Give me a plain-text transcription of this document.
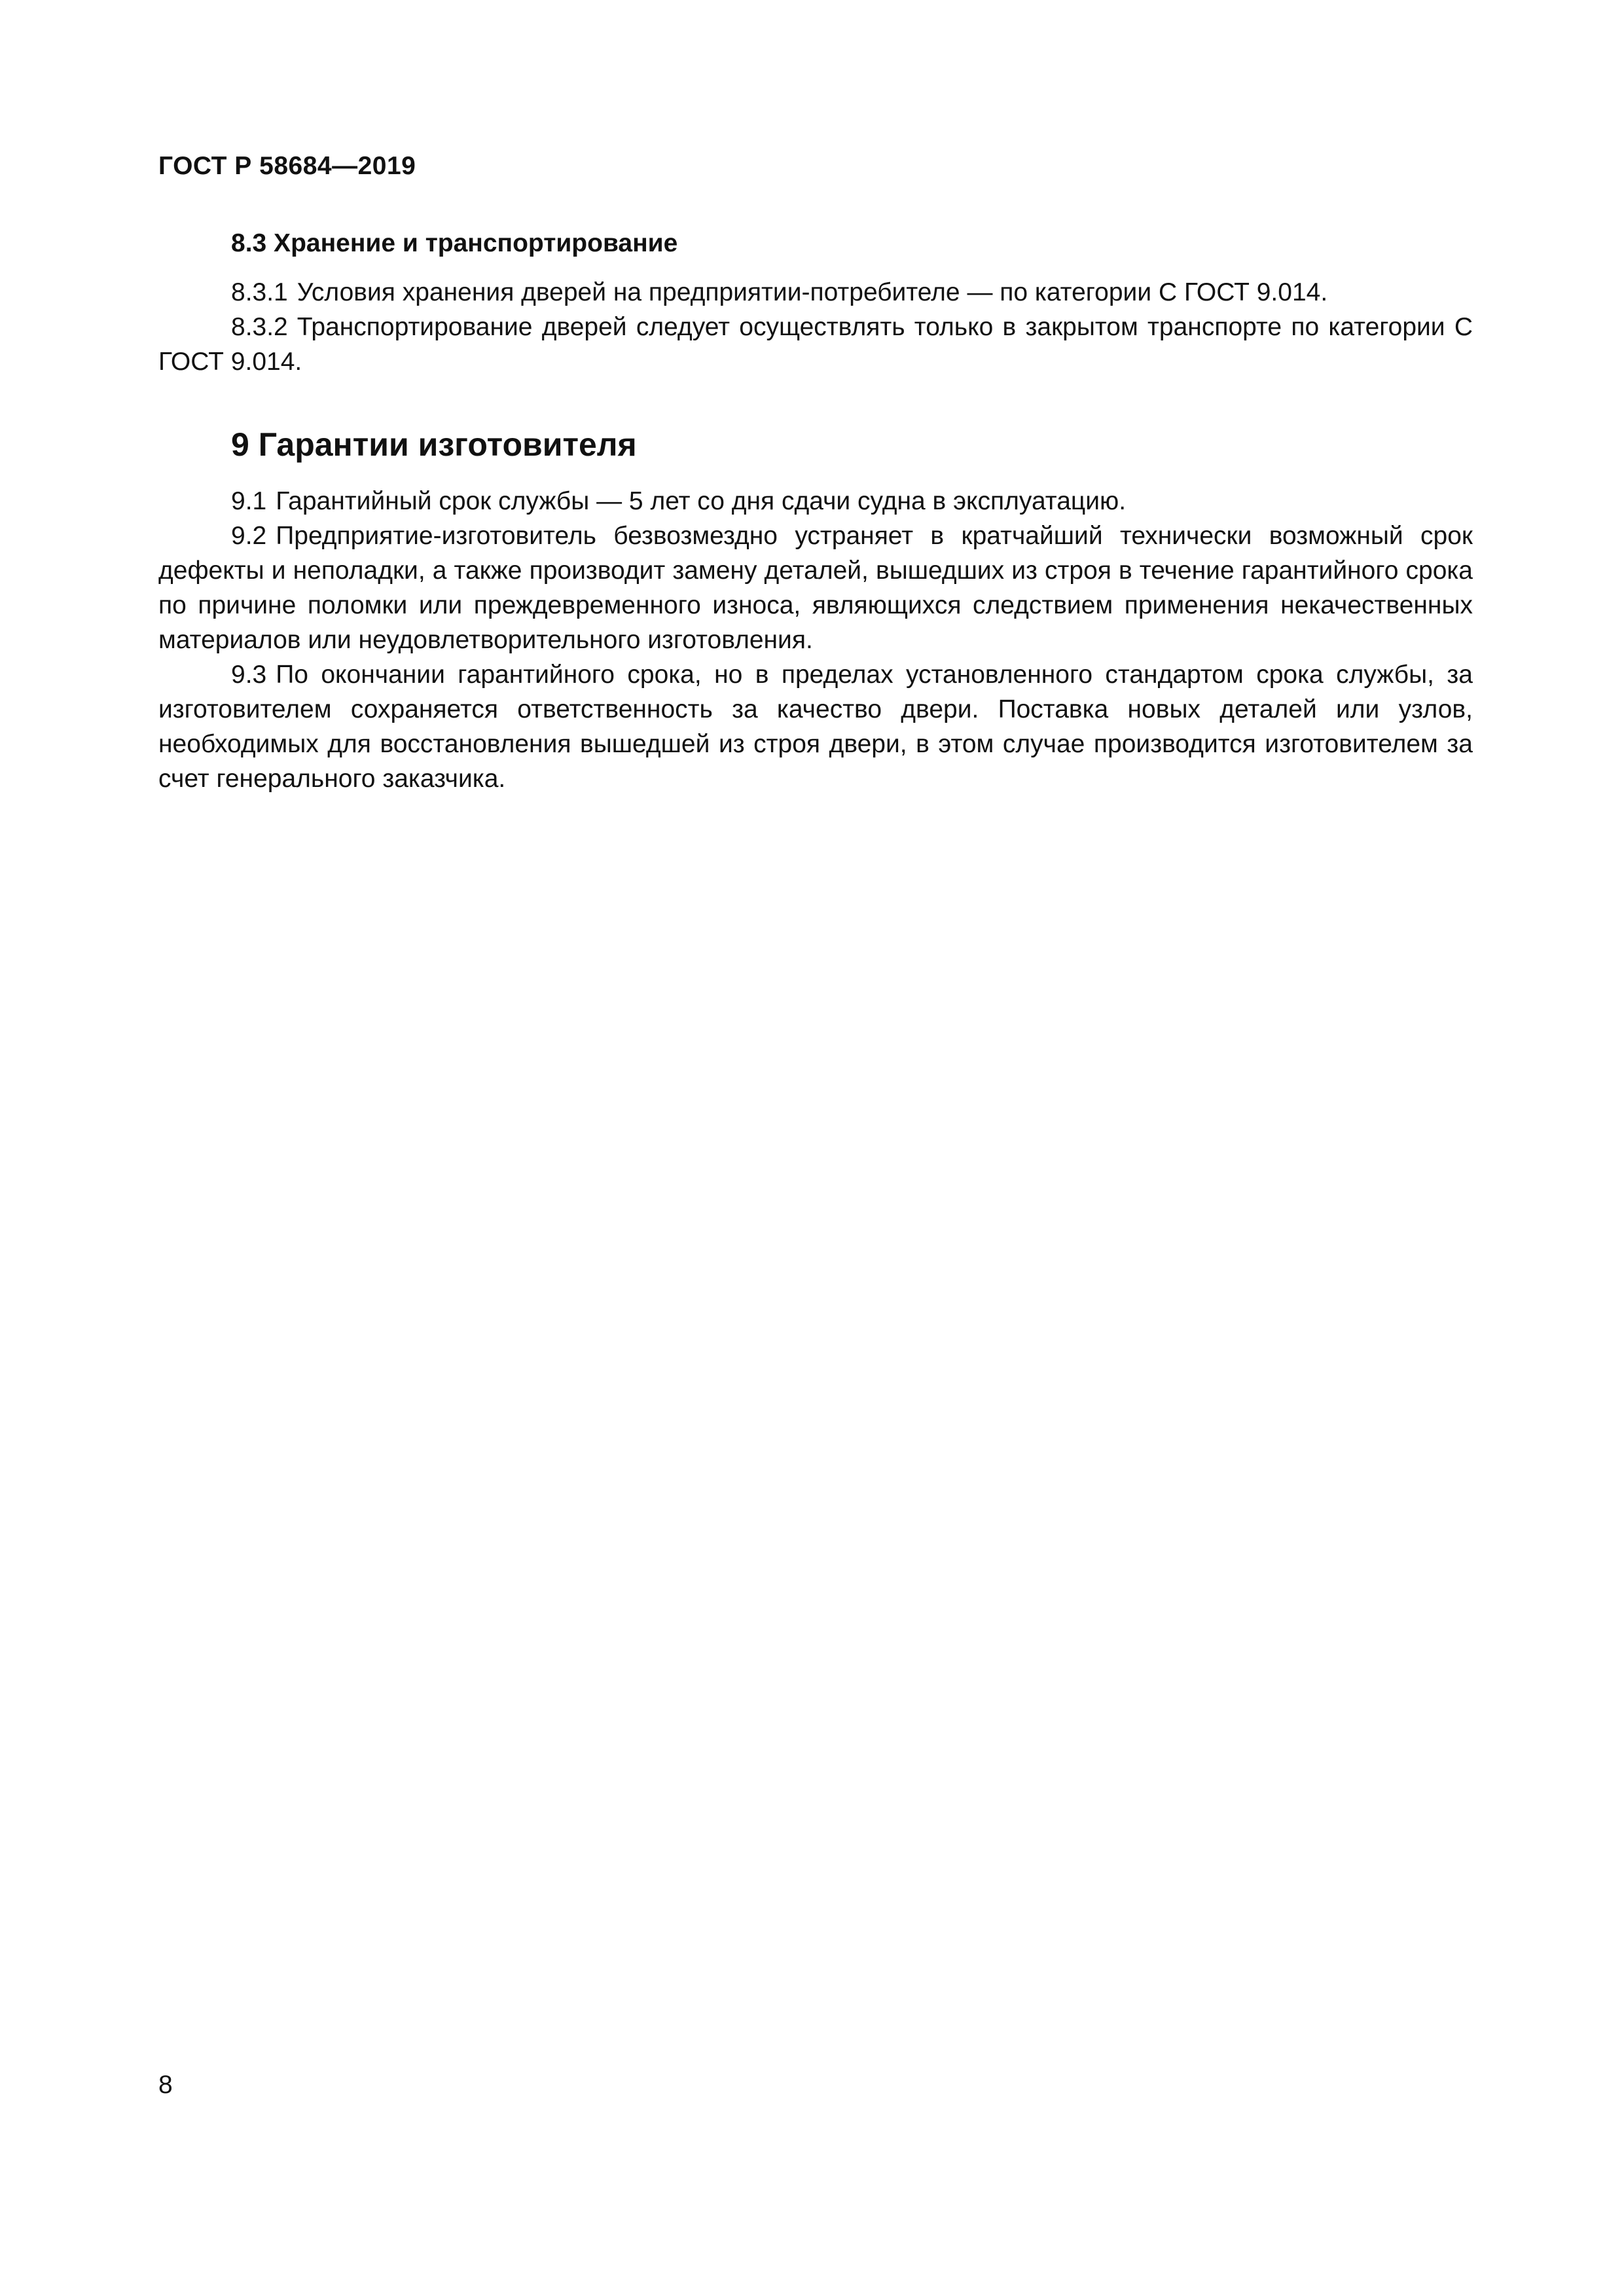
ГОСТ Р 58684—2019
8.3 Хранение и транспортирование

8.3.1 Условия хранения дверей на предприятии-потребителе — по категории С ГОСТ 9.014.

8.3.2 Транспортирование дверей следует осуществлять только в закрытом транспорте по категории С ГОСТ 9.014.

9 Гарантии изготовителя

9.1 Гарантийный срок службы — 5 лет со дня сдачи судна в эксплуатацию.

9.2 Предприятие-изготовитель безвозмездно устраняет в кратчайший технически возможный срок дефекты и неполадки, а также производит замену деталей, вышедших из строя в течение гарантийного срока по причине поломки или преждевременного износа, являющихся следствием применения некачественных материалов или неудовлетворительного изготовления.

9.3 По окончании гарантийного срока, но в пределах установленного стандартом срока службы, за изготовителем сохраняется ответственность за качество двери. Поставка новых деталей или узлов, необходимых для восстановления вышедшей из строя двери, в этом случае производится изготовителем за счет генерального заказчика.

8
